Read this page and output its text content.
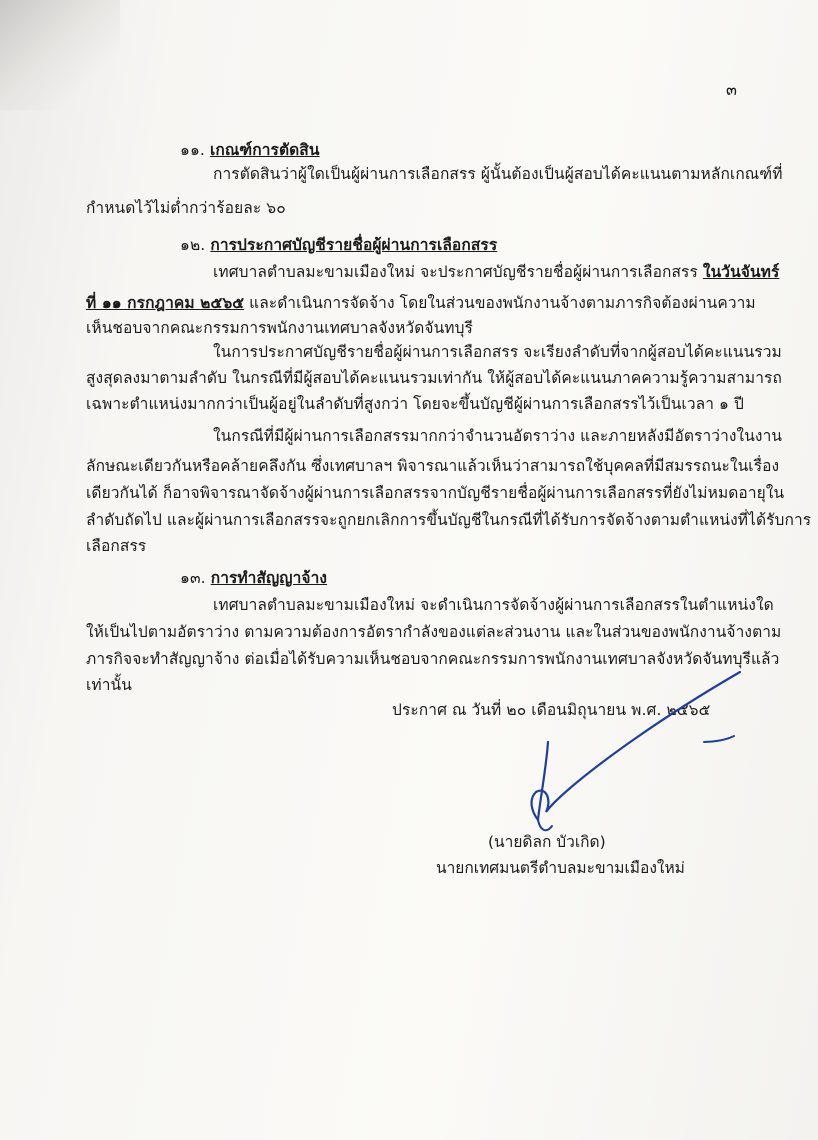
๓
๑๑. เกณฑ์การตัดสิน
การตัดสินว่าผู้ใดเป็นผู้ผ่านการเลือกสรร ผู้นั้นต้องเป็นผู้สอบได้คะแนนตามหลักเกณฑ์ที่
กำหนดไว้ไม่ต่ำกว่าร้อยละ ๖๐
๑๒. การประกาศบัญชีรายชื่อผู้ผ่านการเลือกสรร
เทศบาลตำบลมะขามเมืองใหม่ จะประกาศบัญชีรายชื่อผู้ผ่านการเลือกสรร ในวันจันทร์
ที่ ๑๑ กรกฎาคม ๒๕๖๕ และดำเนินการจัดจ้าง โดยในส่วนของพนักงานจ้างตามภารกิจต้องผ่านความ
เห็นชอบจากคณะกรรมการพนักงานเทศบาลจังหวัดจันทบุรี
ในการประกาศบัญชีรายชื่อผู้ผ่านการเลือกสรร จะเรียงลำดับที่จากผู้สอบได้คะแนนรวม
สูงสุดลงมาตามลำดับ ในกรณีที่มีผู้สอบได้คะแนนรวมเท่ากัน ให้ผู้สอบได้คะแนนภาคความรู้ความสามารถ
เฉพาะตำแหน่งมากกว่าเป็นผู้อยู่ในลำดับที่สูงกว่า โดยจะขึ้นบัญชีผู้ผ่านการเลือกสรรไว้เป็นเวลา ๑ ปี
ในกรณีที่มีผู้ผ่านการเลือกสรรมากกว่าจำนวนอัตราว่าง และภายหลังมีอัตราว่างในงาน
ลักษณะเดียวกันหรือคล้ายคลึงกัน ซึ่งเทศบาลฯ พิจารณาแล้วเห็นว่าสามารถใช้บุคคลที่มีสมรรถนะในเรื่อง
เดียวกันได้ ก็อาจพิจารณาจัดจ้างผู้ผ่านการเลือกสรรจากบัญชีรายชื่อผู้ผ่านการเลือกสรรที่ยังไม่หมดอายุใน
ลำดับถัดไป และผู้ผ่านการเลือกสรรจะถูกยกเลิกการขึ้นบัญชีในกรณีที่ได้รับการจัดจ้างตามตำแหน่งที่ได้รับการ
เลือกสรร
๑๓. การทำสัญญาจ้าง
เทศบาลตำบลมะขามเมืองใหม่ จะดำเนินการจัดจ้างผู้ผ่านการเลือกสรรในตำแหน่งใด
ให้เป็นไปตามอัตราว่าง ตามความต้องการอัตรากำลังของแต่ละส่วนงาน และในส่วนของพนักงานจ้างตาม
ภารกิจจะทำสัญญาจ้าง ต่อเมื่อได้รับความเห็นชอบจากคณะกรรมการพนักงานเทศบาลจังหวัดจันทบุรีแล้ว
เท่านั้น
ประกาศ ณ วันที่ ๒๐ เดือนมิถุนายน พ.ศ. ๒๕๖๕
(นายดิลก บัวเกิด)
นายกเทศมนตรีตำบลมะขามเมืองใหม่
